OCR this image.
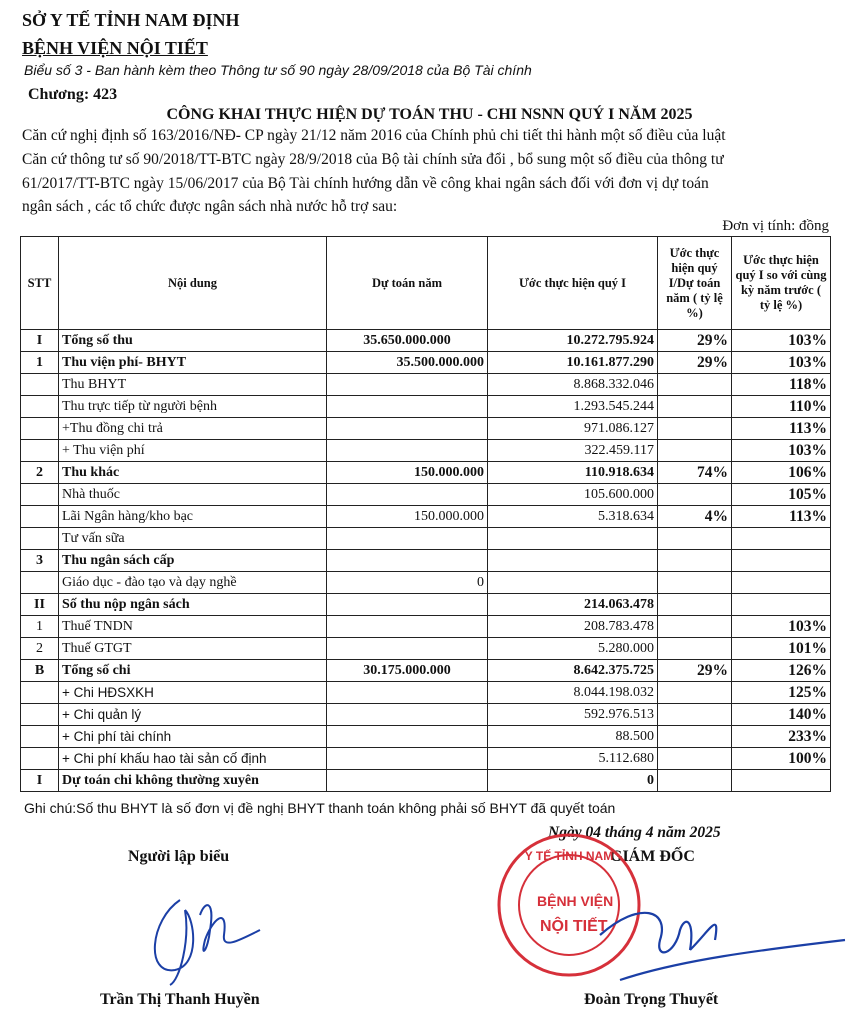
SỞ Y TẾ TỈNH NAM ĐỊNH
BỆNH VIỆN NỘI TIẾT
Biểu số 3 - Ban hành kèm theo Thông tư số 90 ngày 28/09/2018 của Bộ Tài chính
Chương: 423
CÔNG KHAI THỰC HIỆN DỰ TOÁN THU - CHI NSNN QUÝ I NĂM 2025
Căn cứ nghị định số 163/2016/NĐ- CP ngày 21/12 năm 2016 của Chính phủ chi tiết thi hành một số điều của luật
Căn cứ thông tư số 90/2018/TT-BTC ngày 28/9/2018 của Bộ tài chính sửa đổi , bổ sung một số điều của thông tư
61/2017/TT-BTC ngày 15/06/2017 của Bộ Tài chính hướng dẫn về công khai ngân sách đối với đơn vị dự toán
ngân sách , các tổ chức được ngân sách nhà nước hỗ trợ sau:
Đơn vị tính: đồng
STT	Nội dung	Dự toán năm	Ước thực hiện quý I	Ước thực hiện quý I/Dự toán năm ( tỷ lệ %)	Ước thực hiện quý I so với cùng kỳ năm trước ( tỷ lệ %)
I	Tổng số thu	35.650.000.000	10.272.795.924	29%	103%
1	Thu viện phí- BHYT	35.500.000.000	10.161.877.290	29%	103%
	Thu BHYT		8.868.332.046		118%
	Thu trực tiếp từ người bệnh		1.293.545.244		110%
	+Thu đồng chi trả		971.086.127		113%
	+ Thu viện phí		322.459.117		103%
2	Thu khác	150.000.000	110.918.634	74%	106%
	Nhà thuốc		105.600.000		105%
	Lãi Ngân hàng/kho bạc	150.000.000	5.318.634	4%	113%
	Tư vấn sữa				
3	Thu ngân sách cấp				
	Giáo dục - đào tạo và dạy nghề	0			
II	Số thu nộp ngân sách		214.063.478		
1	Thuế TNDN		208.783.478		103%
2	Thuế GTGT		5.280.000		101%
B	Tổng số chi	30.175.000.000	8.642.375.725	29%	126%
	+ Chi HĐSXKH		8.044.198.032		125%
	+ Chi quản lý		592.976.513		140%
	+ Chi phí tài chính		88.500		233%
	+ Chi phí khấu hao tài sản cố định		5.112.680		100%
I	Dự toán chi không thường xuyên		0		
Ghi chú:Số thu BHYT là số đơn vị đề nghị BHYT thanh toán không phải số BHYT đã quyết toán
Ngày 04 tháng 4 năm 2025
Người lập biểu	GIÁM ĐỐC
Y TẾ TỈNH NAM
BỆNH VIỆN
NỘI TIẾT
Trần Thị Thanh Huyền	Đoàn Trọng Thuyết
